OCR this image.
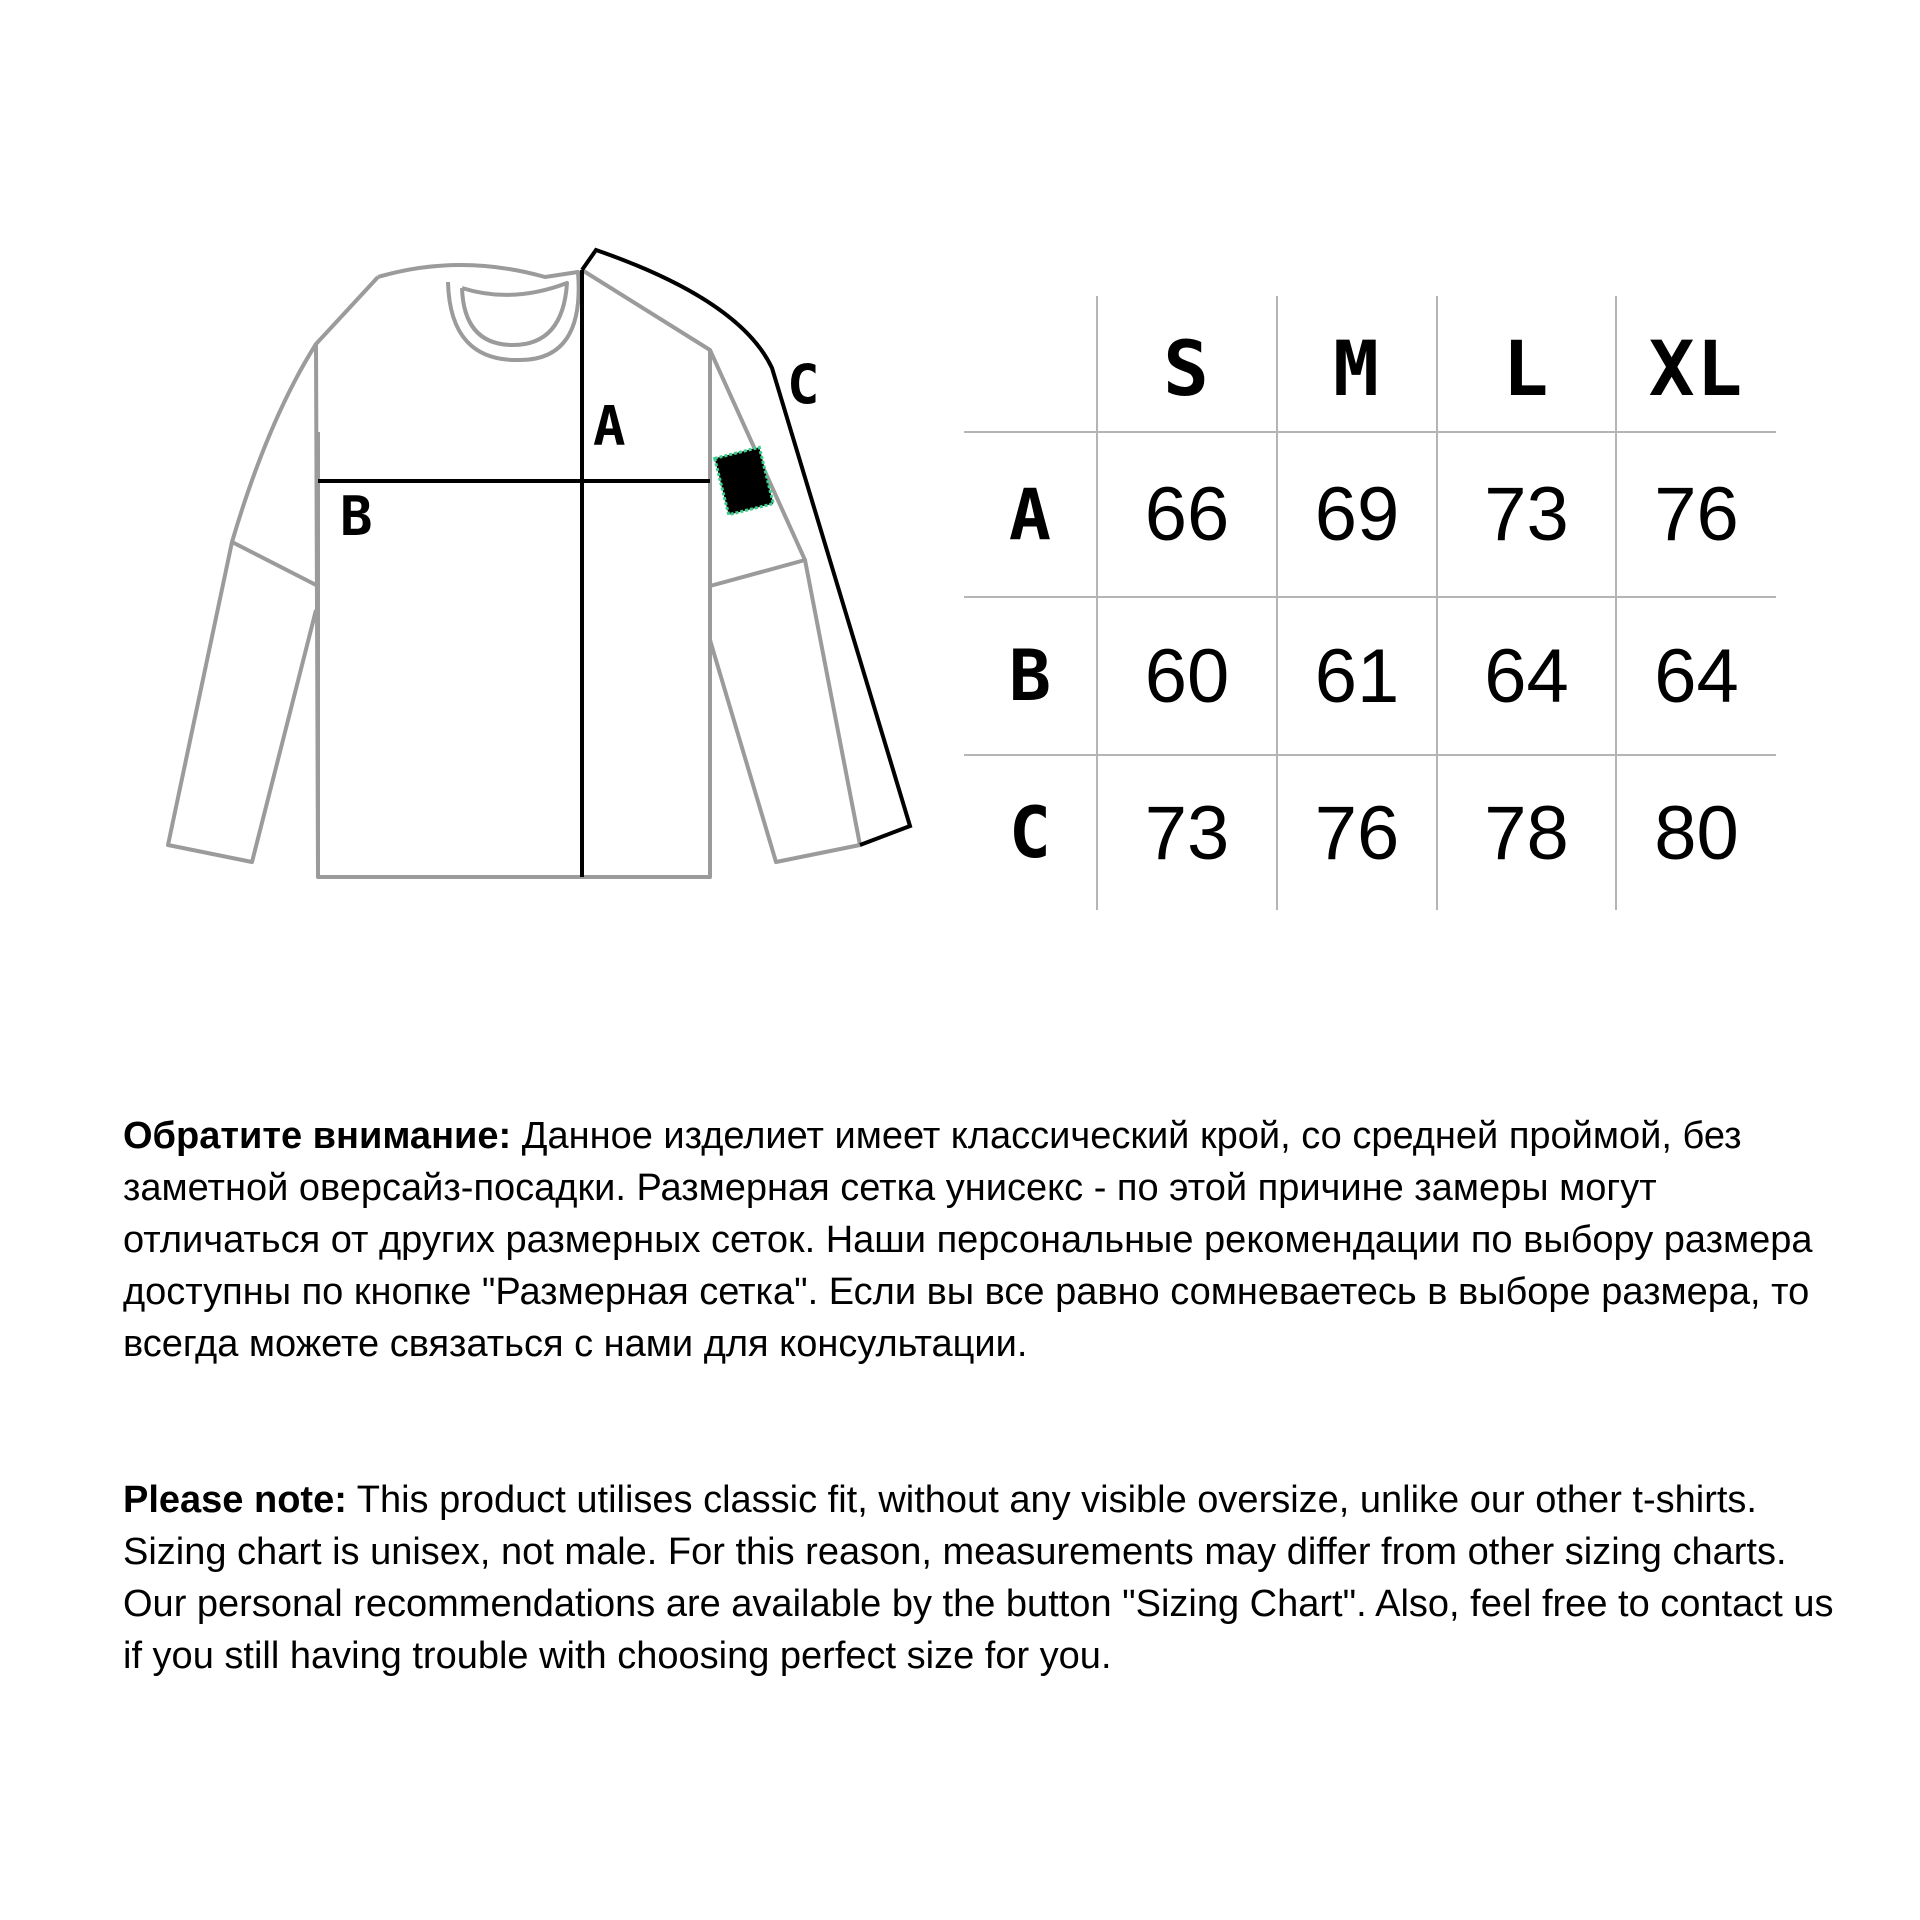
A
B
C
		S	M	L	XL
A	66	69	73	76
B	60	61	64	64
C	73	76	78	80

Обратите внимание: Данное изделиет имеет классический крой, со средней проймой, без заметной оверсайз-посадки. Размерная сетка унисекс - по этой причине замеры могут отличаться от других размерных сеток. Наши персональные рекомендации по выбору размера доступны по кнопке "Размерная сетка". Если вы все равно сомневаетесь в выборе размера, то всегда можете связаться с нами для консультации.

Please note: This product utilises classic fit, without any visible oversize, unlike our other t-shirts. Sizing chart is unisex, not male. For this reason, measurements may differ from other sizing charts. Our personal recommendations are available by the button "Sizing Chart". Also, feel free to contact us if you still having trouble with choosing perfect size for you.
